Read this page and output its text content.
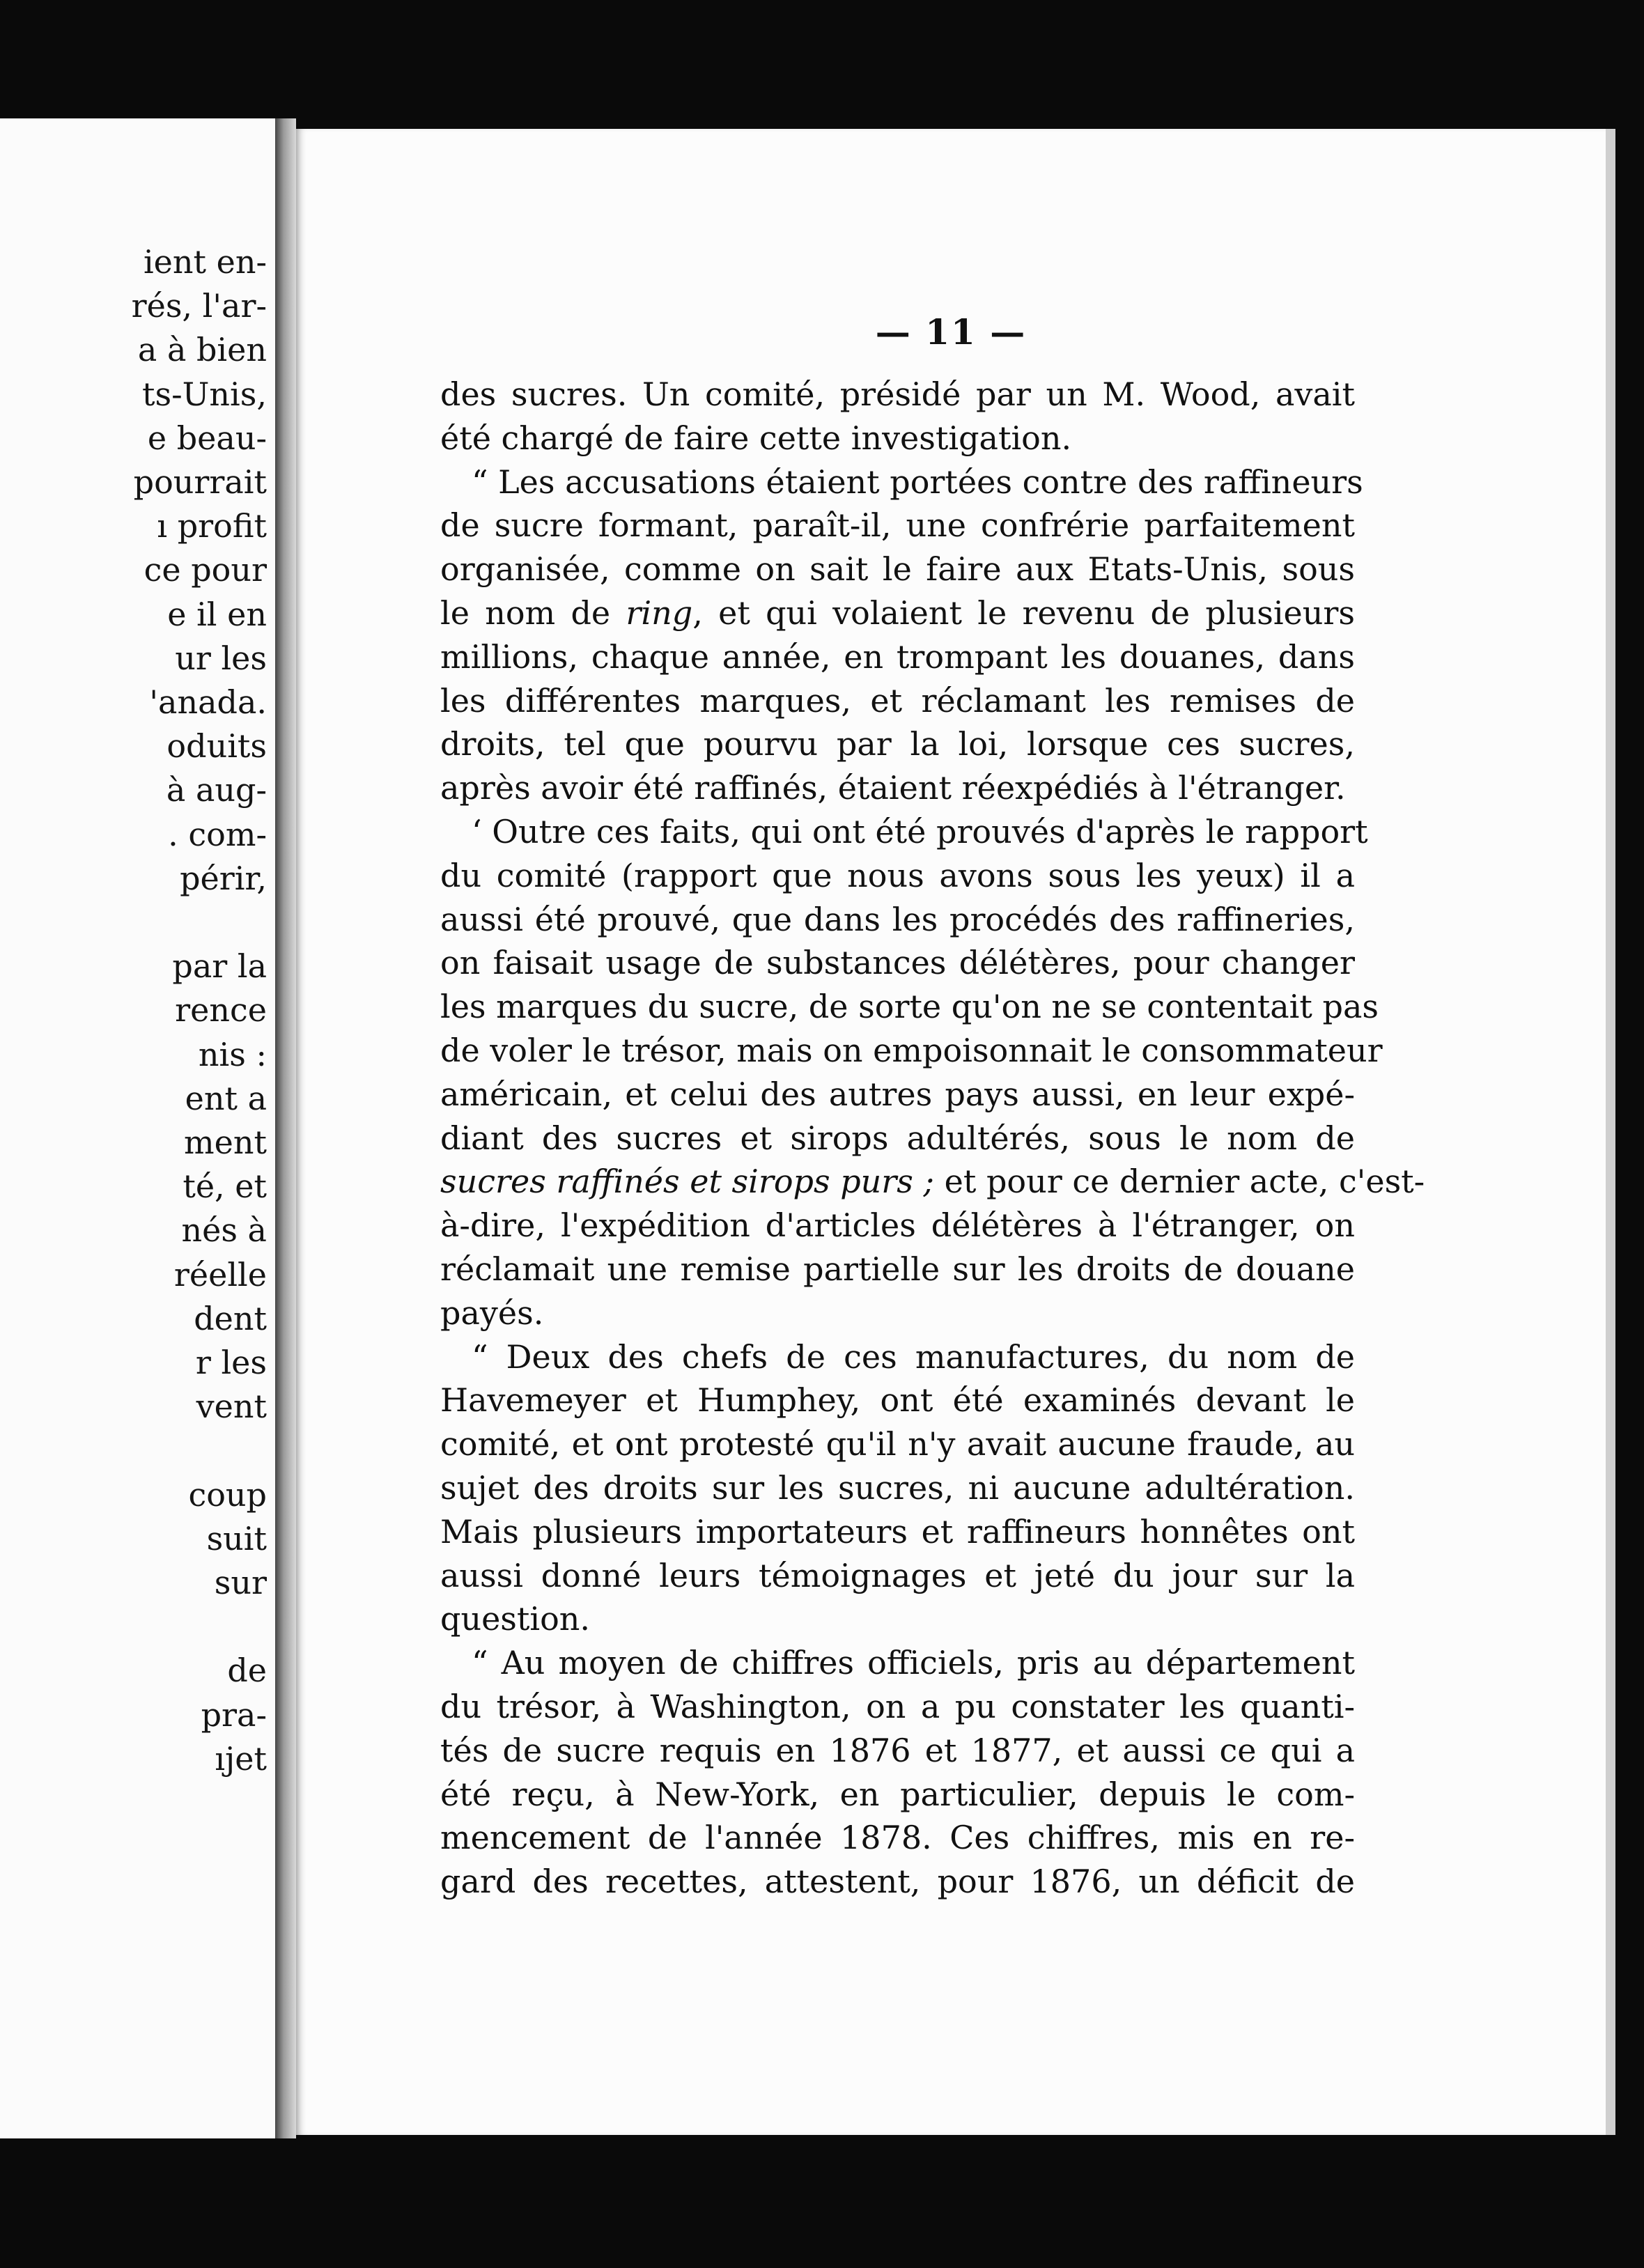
ient en-
rés, l'ar-
a à bien
ts-Unis,
e beau-
pourrait
ı profit
ce pour
e il en
ur les
'anada.
oduits
à aug-
. com-
périr,
par la
rence
nis :
ent a
ment
té, et
nés à
réelle
dent
r les
vent
coup
suit
sur
de
pra-
ıjet
— 11 —
des sucres. Un comité, présidé par un M. Wood, avait
été chargé de faire cette investigation.
“ Les accusations étaient portées contre des raffineurs
de sucre formant, paraît-il, une confrérie parfaitement
organisée, comme on sait le faire aux Etats-Unis, sous
le nom de ring, et qui volaient le revenu de plusieurs
millions, chaque année, en trompant les douanes, dans
les différentes marques, et réclamant les remises de
droits, tel que pourvu par la loi, lorsque ces sucres,
après avoir été raffinés, étaient réexpédiés à l'étranger.
‘ Outre ces faits, qui ont été prouvés d'après le rapport
du comité (rapport que nous avons sous les yeux) il a
aussi été prouvé, que dans les procédés des raffineries,
on faisait usage de substances délétères, pour changer
les marques du sucre, de sorte qu'on ne se contentait pas
de voler le trésor, mais on empoisonnait le consommateur
américain, et celui des autres pays aussi, en leur expé-
diant des sucres et sirops adultérés, sous le nom de
sucres raffinés et sirops purs ; et pour ce dernier acte, c'est-
à-dire, l'expédition d'articles délétères à l'étranger, on
réclamait une remise partielle sur les droits de douane
payés.
“ Deux des chefs de ces manufactures, du nom de
Havemeyer et Humphey, ont été examinés devant le
comité, et ont protesté qu'il n'y avait aucune fraude, au
sujet des droits sur les sucres, ni aucune adultération.
Mais plusieurs importateurs et raffineurs honnêtes ont
aussi donné leurs témoignages et jeté du jour sur la
question.
“ Au moyen de chiffres officiels, pris au département
du trésor, à Washington, on a pu constater les quanti-
tés de sucre requis en 1876 et 1877, et aussi ce qui a
été reçu, à New-York, en particulier, depuis le com-
mencement de l'année 1878. Ces chiffres, mis en re-
gard des recettes, attestent, pour 1876, un déficit de
